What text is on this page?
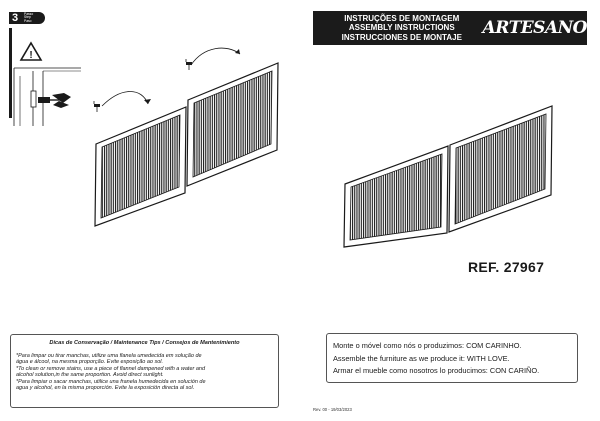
3	Passo
Step
Paso
!
Dicas de Conservação / Maintenance Tips / Consejos de Mantenimiento
*Para limpar ou tirar manchas, utilize uma flanela umedecida em solução de
água e álcool, na mesma proporção. Evite exposição ao sol.
*To clean or remove stains, use a piece of flannel dampened with a water and
alcohol solution,in the same proportion. Avoid direct sunlight.
*Para limpiar o sacar manchas, utilice una franela humedecida en solución de
agua y alcohol, en la misma proporción. Evite la exposición directa al sol.
INSTRUÇÕES DE MONTAGEM
ASSEMBLY INSTRUCTIONS
INSTRUCCIONES DE MONTAJE	ARTESANO
REF. 27967
Monte o móvel como nós o produzimos: COM CARINHO.
Assemble the furniture as we produce it: WITH LOVE.
Armar el mueble como nosotros lo producimos: CON CARIÑO.
Rev. 00 - 19/03/2023
